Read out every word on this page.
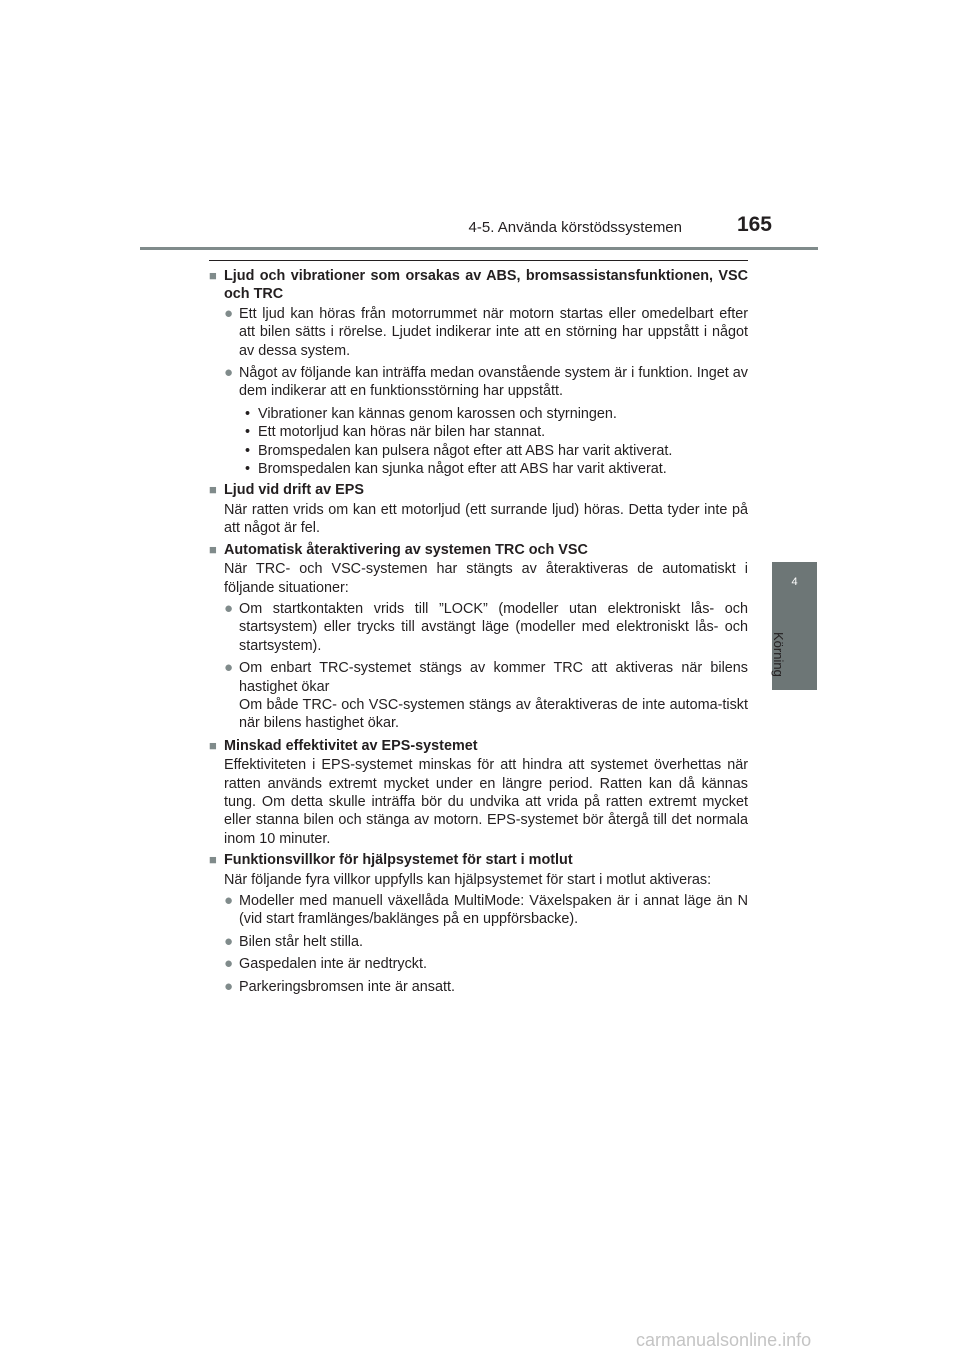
4-5. Använda körstödssystemen	165
4
Körning
■ Ljud och vibrationer som orsakas av ABS, bromsassistansfunktionen, VSC och TRC
● Ett ljud kan höras från motorrummet när motorn startas eller omedelbart efter att bilen sätts i rörelse. Ljudet indikerar inte att en störning har uppstått i något av dessa system.
● Något av följande kan inträffa medan ovanstående system är i funktion. Inget av dem indikerar att en funktionsstörning har uppstått.
• Vibrationer kan kännas genom karossen och styrningen.
• Ett motorljud kan höras när bilen har stannat.
• Bromspedalen kan pulsera något efter att ABS har varit aktiverat.
• Bromspedalen kan sjunka något efter att ABS har varit aktiverat.
■ Ljud vid drift av EPS
När ratten vrids om kan ett motorljud (ett surrande ljud) höras. Detta tyder inte på att något är fel.
■ Automatisk återaktivering av systemen TRC och VSC
När TRC- och VSC-systemen har stängts av återaktiveras de automatiskt i följande situationer:
● Om startkontakten vrids till ”LOCK” (modeller utan elektroniskt lås- och startsystem) eller trycks till avstängt läge (modeller med elektroniskt lås- och startsystem).
● Om enbart TRC-systemet stängs av kommer TRC att aktiveras när bilens hastighet ökar
Om både TRC- och VSC-systemen stängs av återaktiveras de inte automa-tiskt när bilens hastighet ökar.
■ Minskad effektivitet av EPS-systemet
Effektiviteten i EPS-systemet minskas för att hindra att systemet överhettas när ratten används extremt mycket under en längre period. Ratten kan då kännas tung. Om detta skulle inträffa bör du undvika att vrida på ratten extremt mycket eller stanna bilen och stänga av motorn. EPS-systemet bör återgå till det normala inom 10 minuter.
■ Funktionsvillkor för hjälpsystemet för start i motlut
När följande fyra villkor uppfylls kan hjälpsystemet för start i motlut aktiveras:
● Modeller med manuell växellåda MultiMode: Växelspaken är i annat läge än N (vid start framlänges/baklänges på en uppförsbacke).
● Bilen står helt stilla.
● Gaspedalen inte är nedtryckt.
● Parkeringsbromsen inte är ansatt.
carmanualsonline.info
